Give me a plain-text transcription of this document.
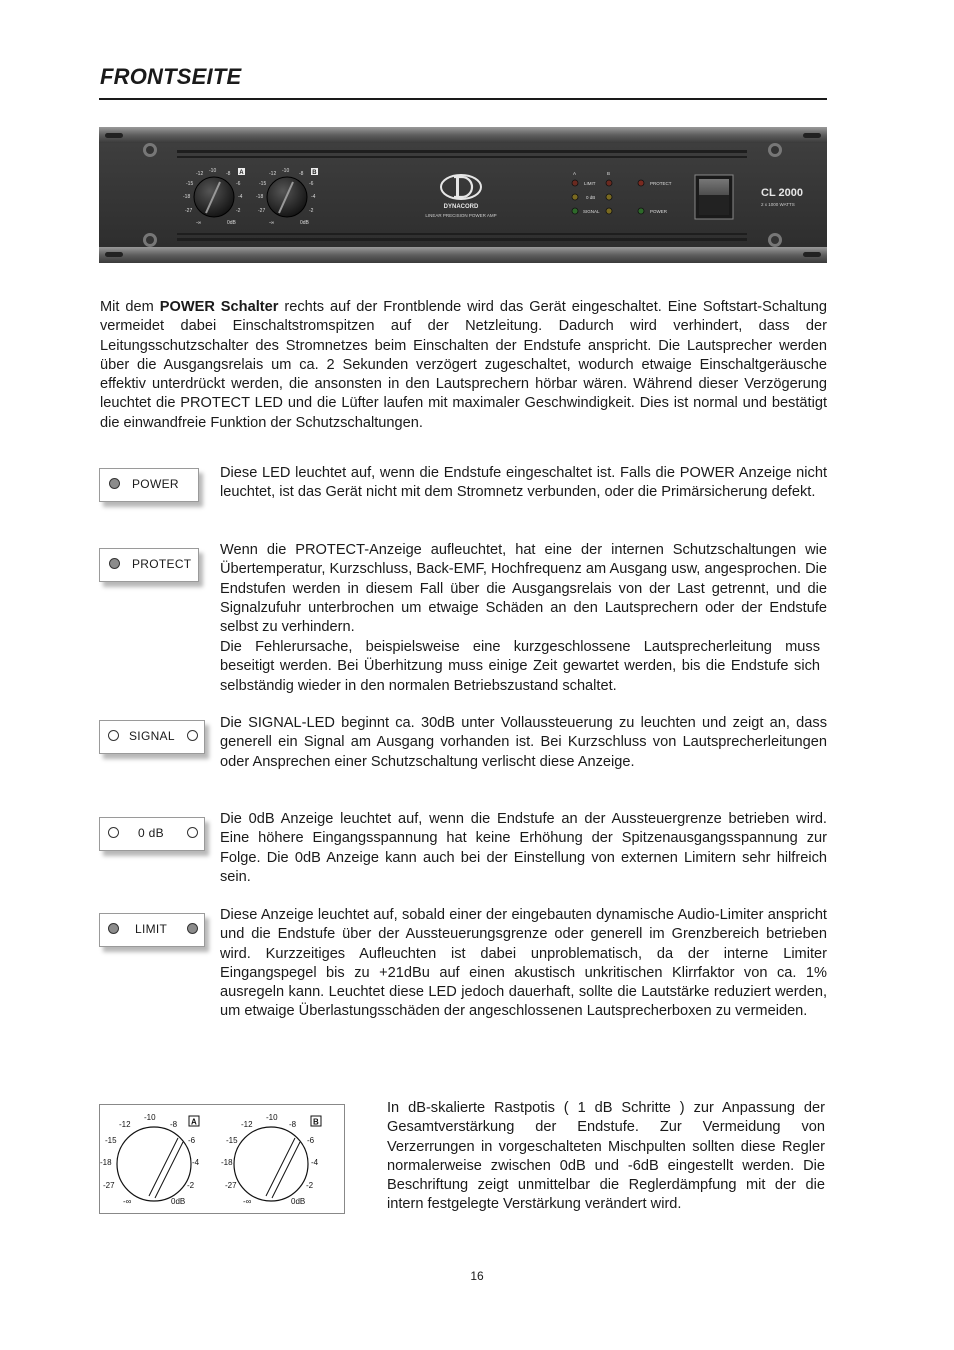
FRONTSEITE
-12 -10 -8
-15	-6
-18	-4
-27	-2
-∞	0dB
-12 -10 -8
-15	-6
-18	-4
-27	-2
-∞	0dB
A	B
DYNACORD
LINEAR PRECISION POWER AMP
A	B
LIMIT
0 dB
SIGNAL
PROTECT
POWER
CL 2000
2 x 1000 WATTS

Mit dem POWER Schalter rechts auf der Frontblende wird das Gerät eingeschaltet. Eine Softstart-Schaltung vermeidet dabei Einschaltstromspitzen auf der Netzleitung. Dadurch wird verhindert, dass der Leitungsschutzschalter des Stromnetzes beim Einschalten der Endstufe anspricht. Die Lautsprecher werden über die Ausgangsrelais um ca. 2 Sekunden verzögert zugeschaltet, wodurch etwaige Einschaltgeräusche effektiv unterdrückt werden, die ansonsten in den Lautsprechern hörbar wären. Während dieser Verzögerung leuchtet die PROTECT LED und die Lüfter laufen mit maximaler Geschwindigkeit. Dies ist normal und bestätigt die einwandfreie Funktion der Schutzschaltungen.

POWER

Diese LED leuchtet auf, wenn die Endstufe eingeschaltet ist. Falls die POWER Anzeige nicht leuchtet, ist das Gerät nicht mit dem Stromnetz verbunden, oder die Primärsicherung defekt.

PROTECT

Wenn die PROTECT-Anzeige aufleuchtet, hat eine der internen Schutzschaltungen wie Übertemperatur, Kurzschluss, Back-EMF, Hochfrequenz am Ausgang usw, angesprochen. Die Endstufen werden in diesem Fall über die Ausgangsrelais von der Last getrennt, und die Signalzufuhr unterbrochen um etwaige Schäden an den Lautsprechern oder der Endstufe selbst zu verhindern.

Die Fehlerursache, beispielsweise eine kurzgeschlossene Lautsprecherleitung muss beseitigt werden. Bei Überhitzung muss einige Zeit gewartet werden, bis die Endstufe sich selbständig wieder in den normalen Betriebszustand schaltet.

SIGNAL

Die SIGNAL-LED beginnt ca. 30dB unter Vollaussteuerung zu leuchten und zeigt an, dass generell ein Signal am Ausgang vorhanden ist. Bei Kurzschluss von Lautsprecherleitungen oder Ansprechen einer Schutzschaltung verlischt diese Anzeige.

0 dB

Die 0dB Anzeige leuchtet auf, wenn die Endstufe an der Aussteuergrenze betrieben wird. Eine höhere Eingangsspannung hat keine Erhöhung der Spitzenausgangsspannung zur Folge. Die 0dB Anzeige kann auch bei der Einstellung von externen Limitern sehr hilfreich sein.

LIMIT

Diese Anzeige leuchtet auf, sobald einer der eingebauten dynamische Audio-Limiter anspricht und die Endstufe über der Aussteuerungsgrenze oder generell im Grenzbereich betrieben wird. Kurzzeitiges Aufleuchten ist dabei unproblematisch, da der interne Limiter Eingangspegel bis zu +21dBu auf einen akustisch unkritischen Klirrfaktor von ca. 1% ausregeln kann. Leuchtet diese LED jedoch dauerhaft, sollte die Lautstärke reduziert werden, um etwaige Überlastungsschäden der angeschlossenen Lautsprecherboxen zu vermeiden.

-12
-10
-8
-15	-6
-18	-4
-27	-2
-∞	0dB
-12
-10
-8
-15	-6
-18	-4
-27	-2
-∞	0dB
A	B

In dB-skalierte Rastpotis ( 1 dB Schritte ) zur Anpassung der Gesamtverstärkung der Endstufe. Zur Vermeidung von Verzerrungen in vorgeschalteten Mischpulten sollten diese Regler normalerweise zwischen 0dB und -6dB eingestellt werden. Die Beschriftung zeigt unmittelbar die Reglerdämpfung mit der die intern festgelegte Verstärkung verändert wird.

16
